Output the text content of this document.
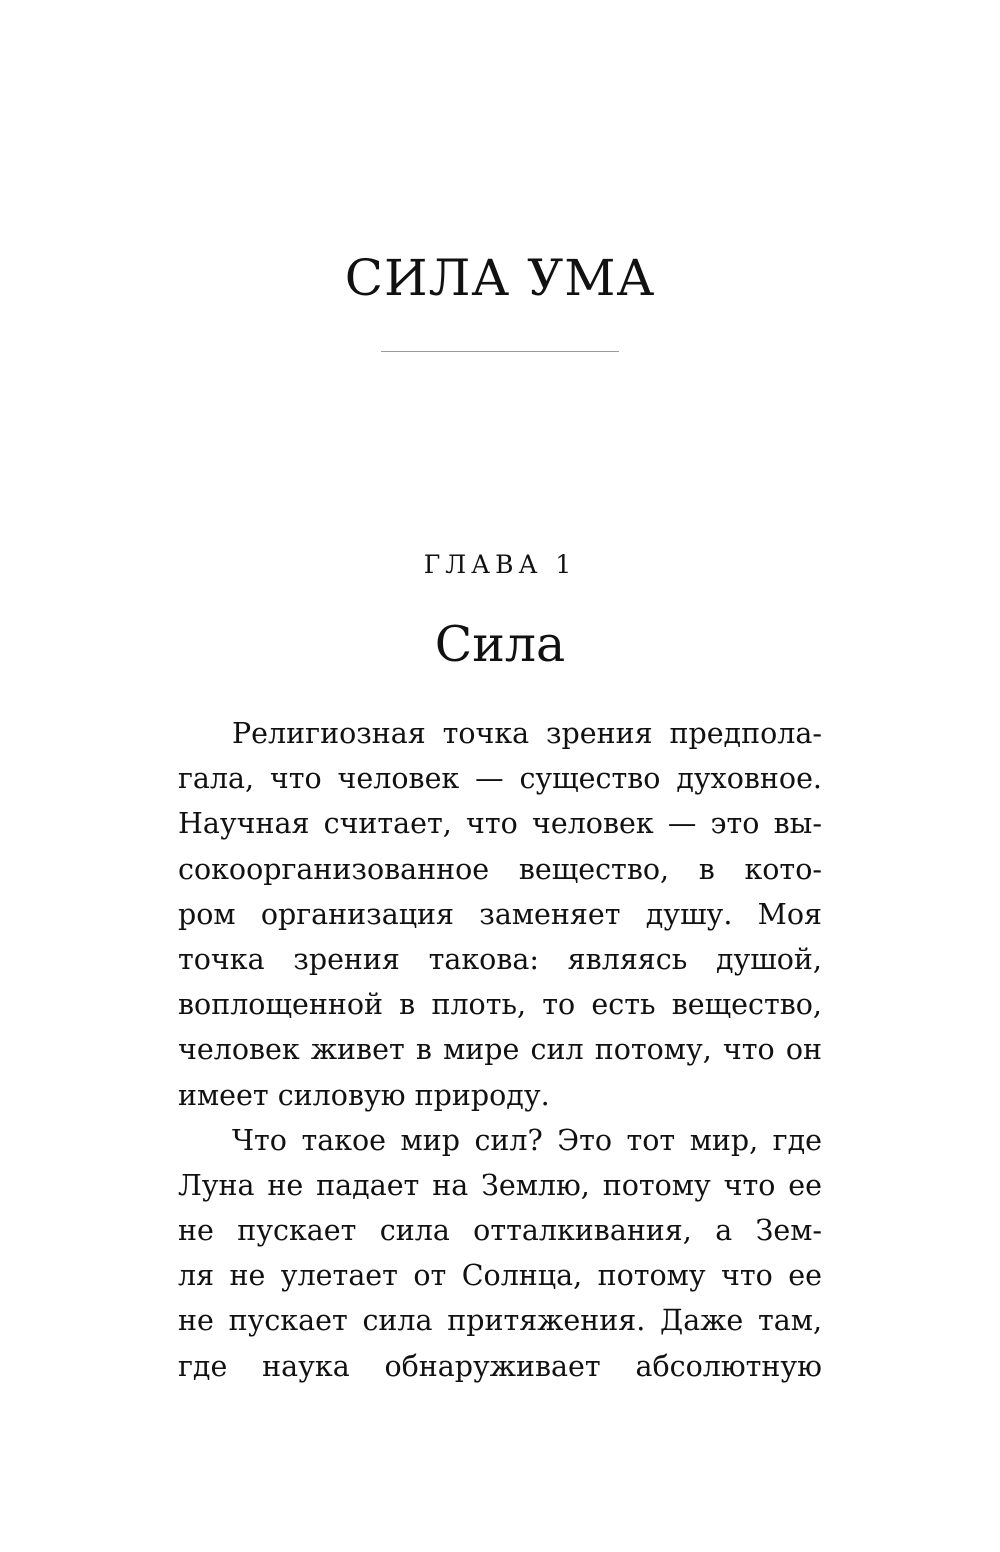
СИЛА УМА
ГЛАВА 1
Сила
Религиозная точка зрения предпола-
гала, что человек — существо духовное.
Научная считает, что человек — это вы-
сокоорганизованное вещество, в кото-
ром организация заменяет душу. Моя
точка зрения такова: являясь душой,
воплощенной в плоть, то есть вещество,
человек живет в мире сил потому, что он
имеет силовую природу.
Что такое мир сил? Это тот мир, где
Луна не падает на Землю, потому что ее
не пускает сила отталкивания, а Зем-
ля не улетает от Солнца, потому что ее
не пускает сила притяжения. Даже там,
где наука обнаруживает абсолютную
